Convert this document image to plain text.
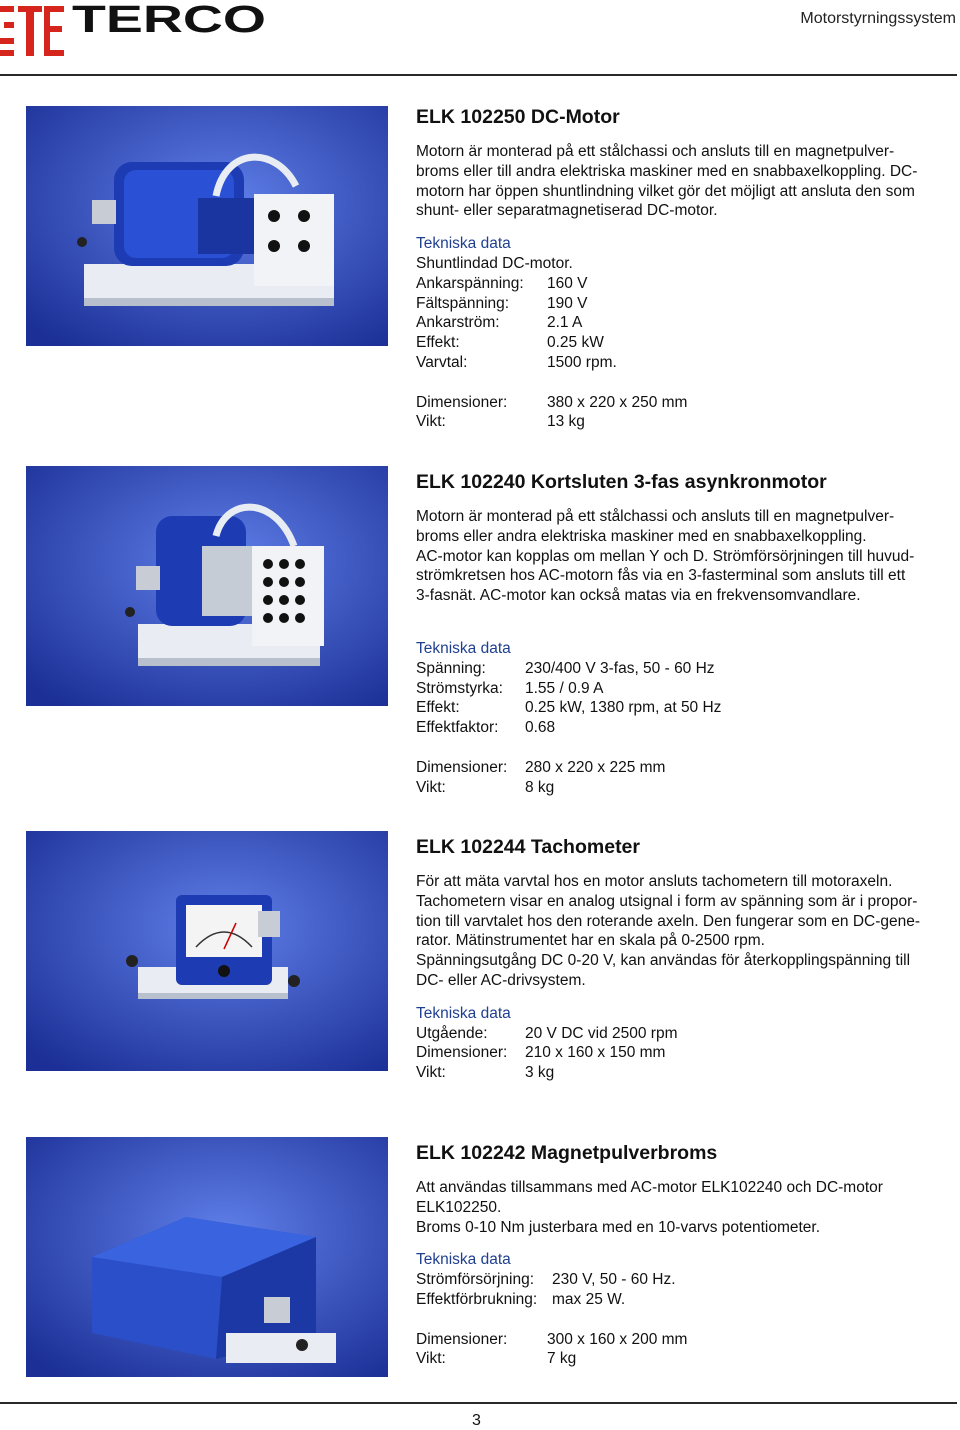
TERCO	Motorstyrningssystem
ELK 102250 DC-Motor

Motorn är monterad på ett stålchassi och ansluts till en magnetpulver-

broms eller till andra elektriska maskiner med en snabbaxelkoppling. DC-

motorn har öppen shuntlindning vilket gör det möjligt att ansluta den som

shunt- eller separatmagnetiserad DC-motor.

Tekniska data
Shuntlindad DC-motor.
Ankarspänning:	160 V
Fältspänning:	190 V
Ankarström:	2.1 A
Effekt:	0.25 kW
Varvtal:	1500 rpm.
Dimensioner:	380 x 220 x 250 mm
Vikt:	13 kg
ELK 102240 Kortsluten 3-fas asynkronmotor

Motorn är monterad på ett stålchassi och ansluts till en magnetpulver-

broms eller andra elektriska maskiner med en snabbaxelkoppling.

AC-motor kan kopplas om mellan Y och D. Strömförsörjningen till huvud-

strömkretsen hos AC-motorn fås via en 3-fasterminal som ansluts till ett

3-fasnät. AC-motor kan också matas via en frekvensomvandlare.

Tekniska data
Spänning:	230/400 V 3-fas, 50 - 60 Hz
Strömstyrka:	1.55 / 0.9 A
Effekt:	0.25 kW, 1380 rpm, at 50 Hz
Effektfaktor:	0.68
Dimensioner:	280 x 220 x 225 mm
Vikt:	8 kg
ELK 102244 Tachometer

För att mäta varvtal hos en motor ansluts tachometern till motoraxeln.

Tachometern visar en analog utsignal i form av spänning som är i propor-

tion till varvtalet hos den roterande axeln. Den fungerar som en DC-gene-

rator. Mätinstrumentet har en skala på 0-2500 rpm.

Spänningsutgång DC 0-20 V, kan användas för återkopplingspänning till

DC- eller AC-drivsystem.

Tekniska data
Utgående:	20 V DC vid 2500 rpm
Dimensioner:	210 x 160 x 150 mm
Vikt:	3 kg
ELK 102242 Magnetpulverbroms

Att användas tillsammans med AC-motor ELK102240 och DC-motor

ELK102250.

Broms 0-10 Nm justerbara med en 10-varvs potentiometer.

Tekniska data
Strömförsörjning:	230 V, 50 - 60 Hz.
Effektförbrukning: max 25 W.
Dimensioner:	300 x 160 x 200 mm
Vikt:	7 kg
3
